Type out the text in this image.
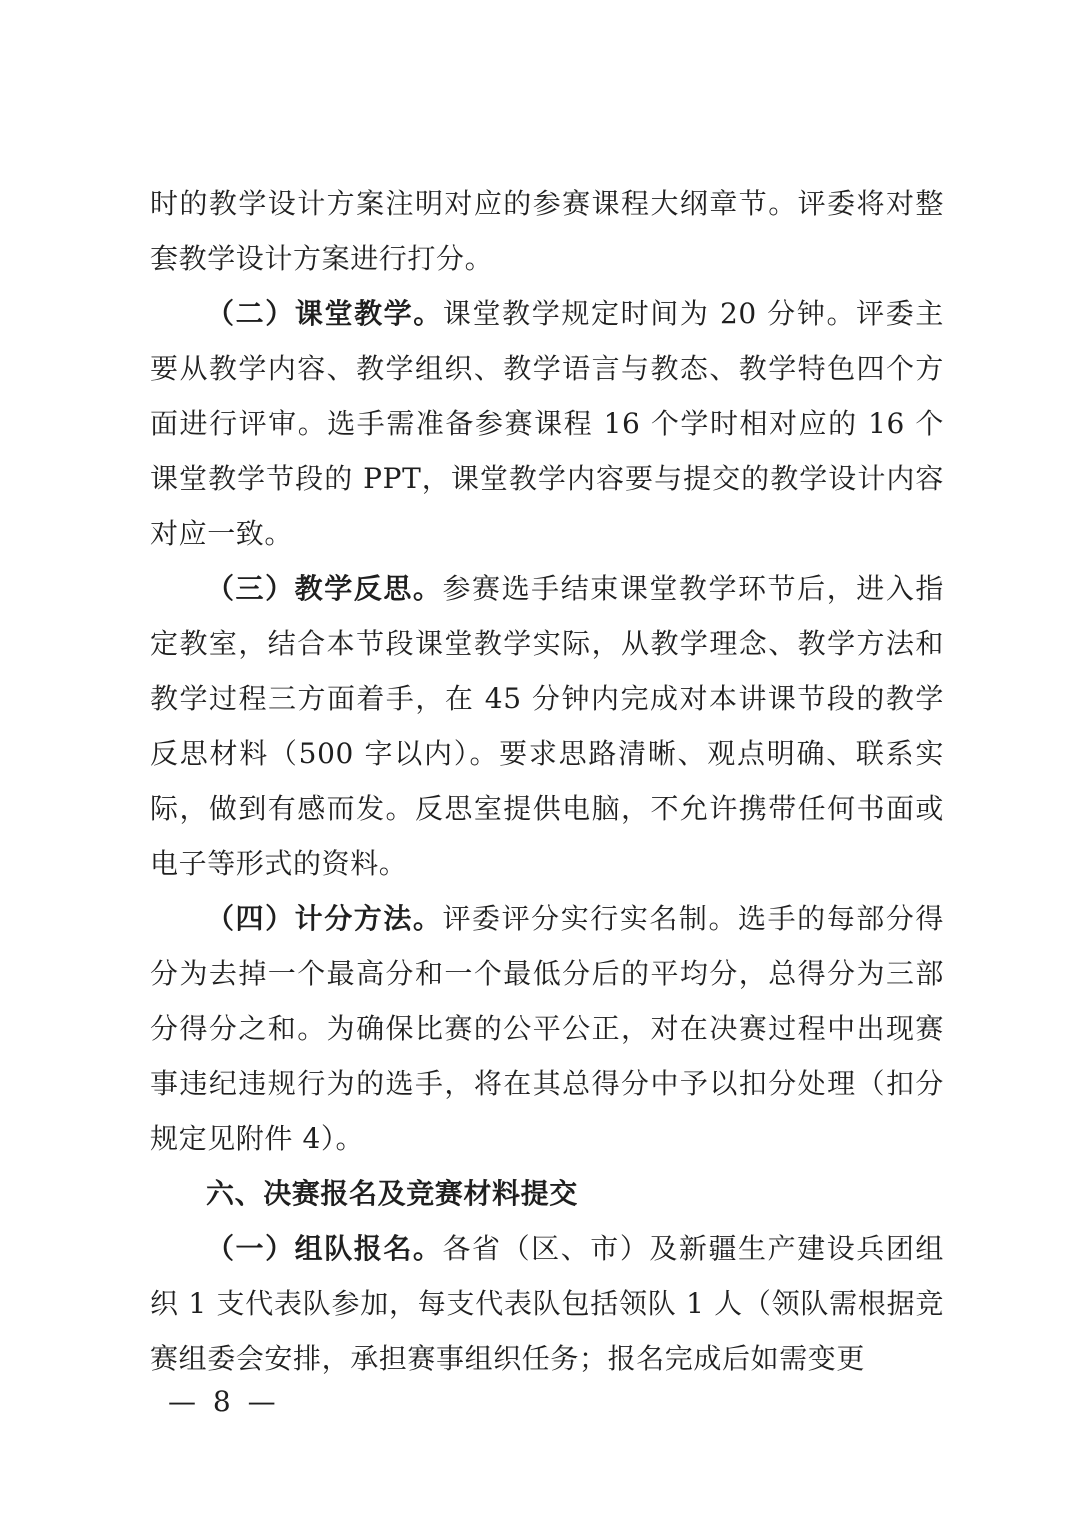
时的教学设计方案注明对应的参赛课程大纲章节。评委将对整套教学设计方案进行打分。

（二）课堂教学。课堂教学规定时间为 20 分钟。评委主要从教学内容、教学组织、教学语言与教态、教学特色四个方面进行评审。选手需准备参赛课程 16 个学时相对应的 16 个课堂教学节段的 PPT，课堂教学内容要与提交的教学设计内容对应一致。

（三）教学反思。参赛选手结束课堂教学环节后，进入指定教室，结合本节段课堂教学实际，从教学理念、教学方法和教学过程三方面着手，在 45 分钟内完成对本讲课节段的教学反思材料（500 字以内）。要求思路清晰、观点明确、联系实际，做到有感而发。反思室提供电脑，不允许携带任何书面或电子等形式的资料。

（四）计分方法。评委评分实行实名制。选手的每部分得分为去掉一个最高分和一个最低分后的平均分，总得分为三部分得分之和。为确保比赛的公平公正，对在决赛过程中出现赛事违纪违规行为的选手，将在其总得分中予以扣分处理（扣分规定见附件 4）。

六、决赛报名及竞赛材料提交

（一）组队报名。各省（区、市）及新疆生产建设兵团组织 1 支代表队参加，每支代表队包括领队 1 人（领队需根据竞赛组委会安排，承担赛事组织任务；报名完成后如需变更

— 8 —
